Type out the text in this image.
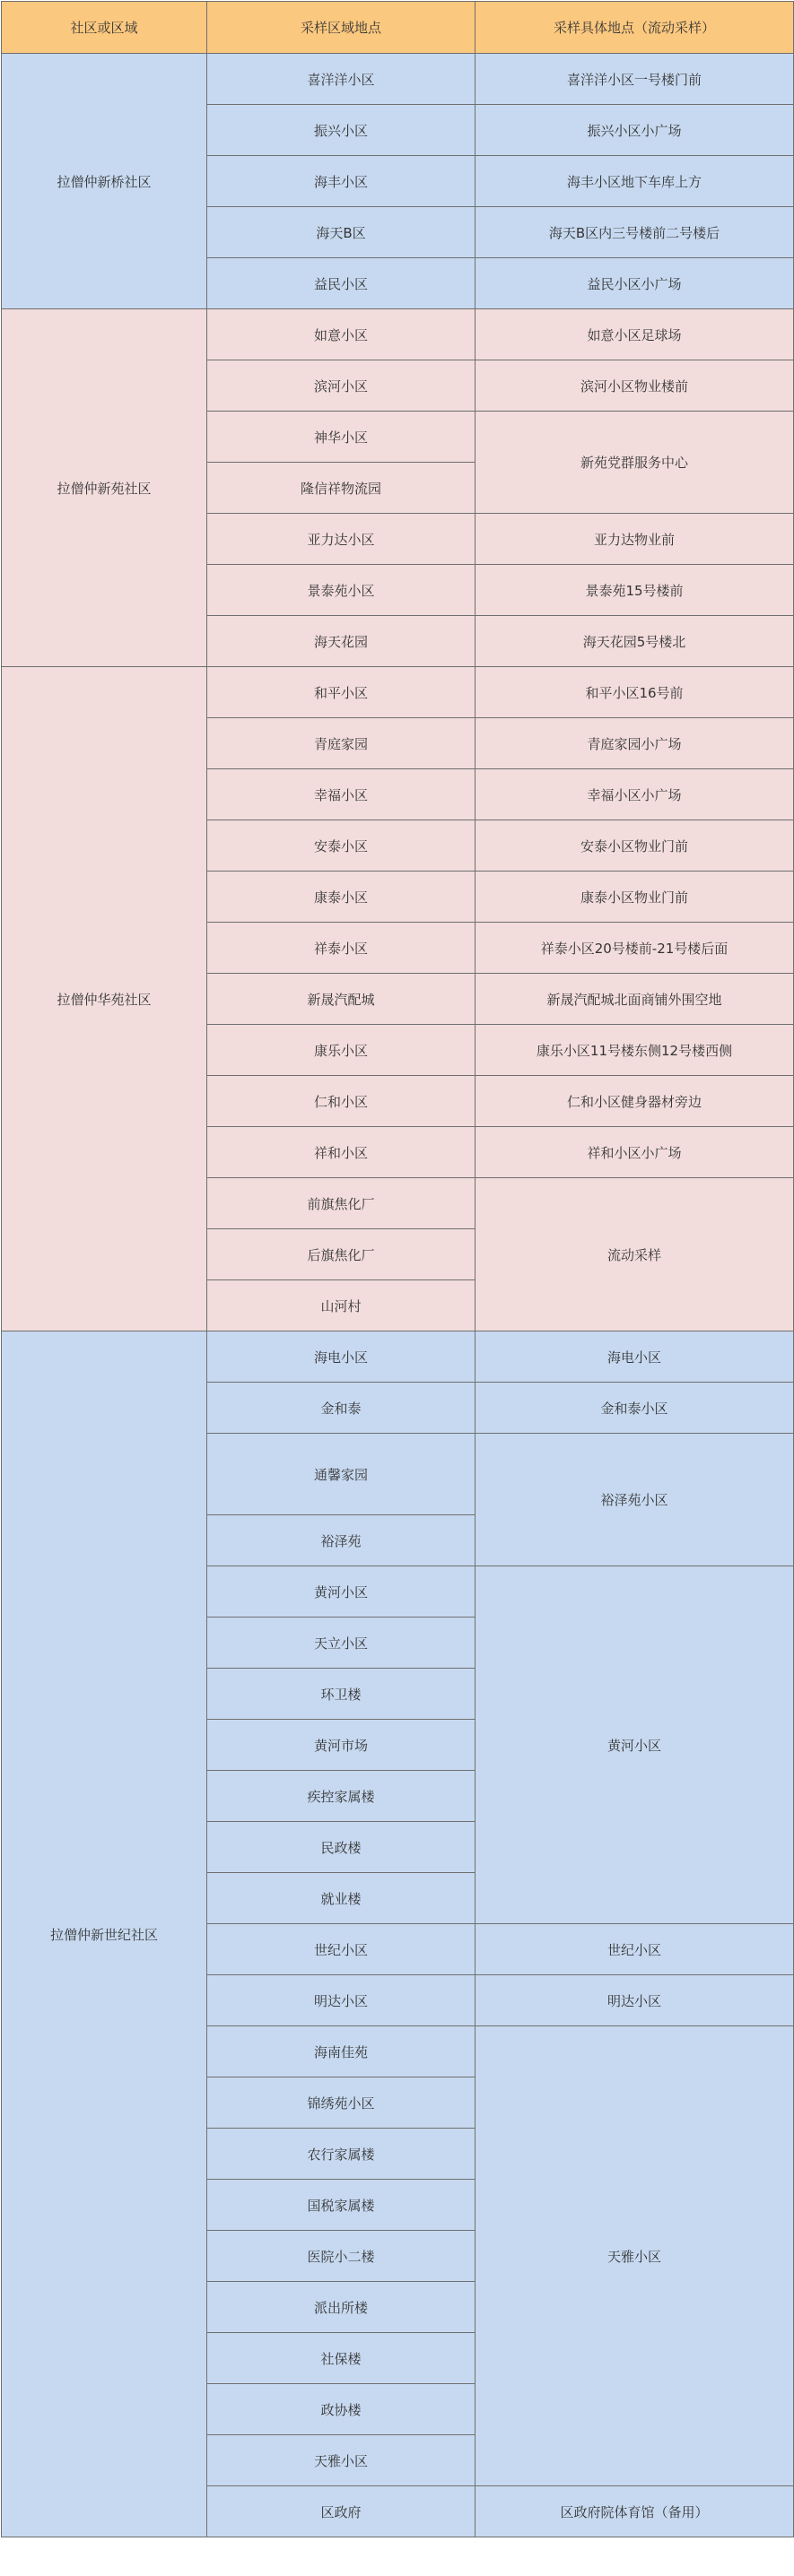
社区或区域	采样区域地点	采样具体地点（流动采样）
拉僧仲新桥社区	喜洋洋小区	喜洋洋小区一号楼门前
	振兴小区	振兴小区小广场
	海丰小区	海丰小区地下车库上方
	海天B区	海天B区内三号楼前二号楼后
	益民小区	益民小区小广场
拉僧仲新苑社区	如意小区	如意小区足球场
	滨河小区	滨河小区物业楼前
	神华小区	新苑党群服务中心
	隆信祥物流园	
	亚力达小区	亚力达物业前
	景泰苑小区	景泰苑15号楼前
	海天花园	海天花园5号楼北
拉僧仲华苑社区	和平小区	和平小区16号前
	青庭家园	青庭家园小广场
	幸福小区	幸福小区小广场
	安泰小区	安泰小区物业门前
	康泰小区	康泰小区物业门前
	祥泰小区	祥泰小区20号楼前-21号楼后面
	新晟汽配城	新晟汽配城北面商铺外围空地
	康乐小区	康乐小区11号楼东侧12号楼西侧
	仁和小区	仁和小区健身器材旁边
	祥和小区	祥和小区小广场
	前旗焦化厂	流动采样
	后旗焦化厂	
	山河村	
拉僧仲新世纪社区	海电小区	海电小区
	金和泰	金和泰小区
	通馨家园	裕泽苑小区
	裕泽苑	
	黄河小区	黄河小区
	天立小区	
	环卫楼	
	黄河市场	
	疾控家属楼	
	民政楼	
	就业楼	
	世纪小区	世纪小区
	明达小区	明达小区
	海南佳苑	天雅小区
	锦绣苑小区	
	农行家属楼	
	国税家属楼	
	医院小二楼	
	派出所楼	
	社保楼	
	政协楼	
	天雅小区	
	区政府	区政府院体育馆（备用）
